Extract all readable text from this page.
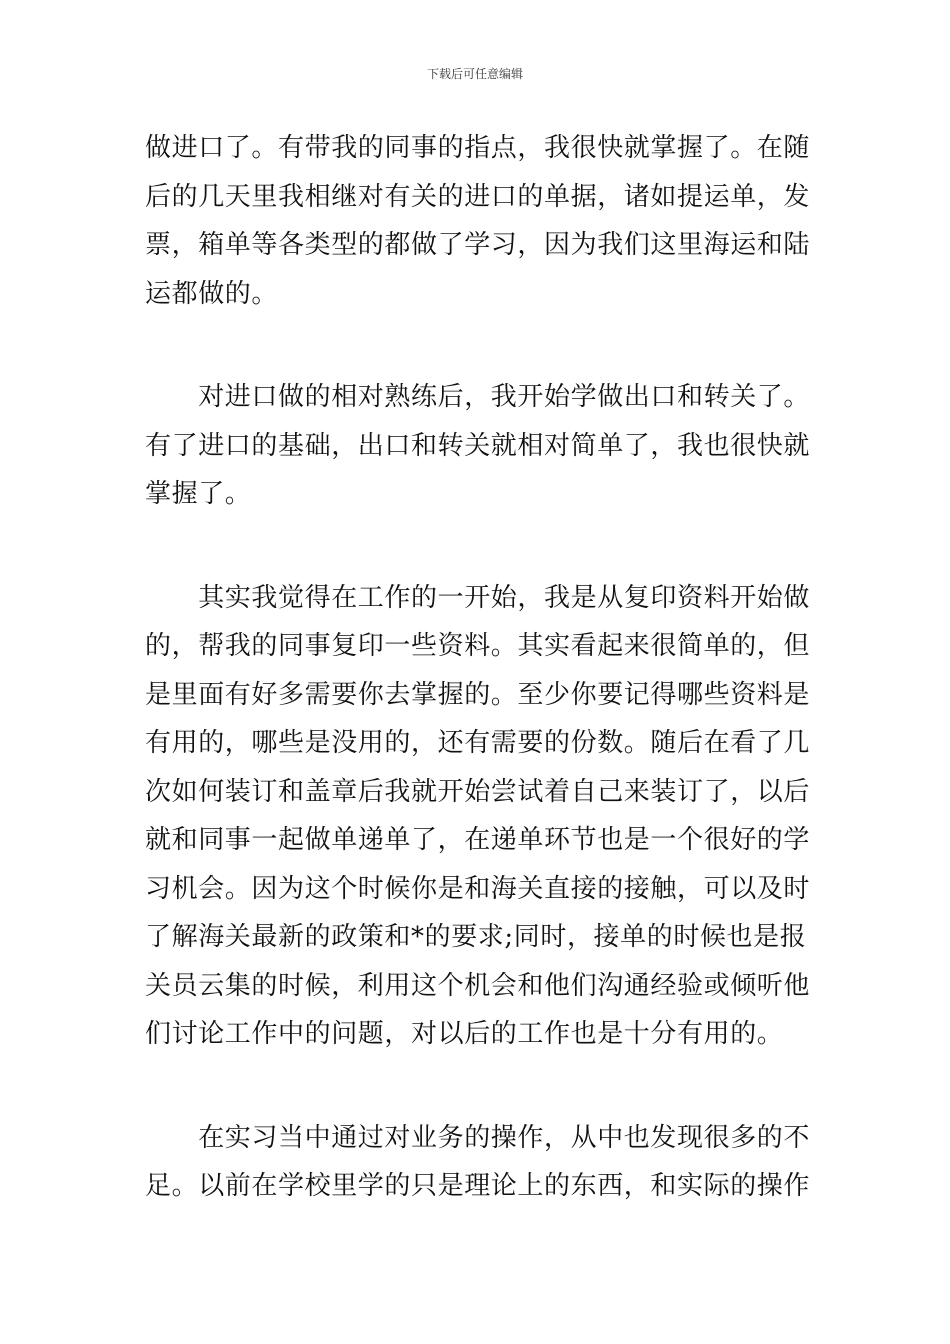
下载后可任意编辑
做进口了。有带我的同事的指点，我很快就掌握了。在随
后的几天里我相继对有关的进口的单据，诸如提运单，发
票，箱单等各类型的都做了学习，因为我们这里海运和陆
运都做的。
　　对进口做的相对熟练后，我开始学做出口和转关了。
有了进口的基础，出口和转关就相对简单了，我也很快就
掌握了。
　　其实我觉得在工作的一开始，我是从复印资料开始做
的，帮我的同事复印一些资料。其实看起来很简单的，但
是里面有好多需要你去掌握的。至少你要记得哪些资料是
有用的，哪些是没用的，还有需要的份数。随后在看了几
次如何装订和盖章后我就开始尝试着自己来装订了，以后
就和同事一起做单递单了，在递单环节也是一个很好的学
习机会。因为这个时候你是和海关直接的接触，可以及时
了解海关最新的政策和*的要求;同时，接单的时候也是报
关员云集的时候，利用这个机会和他们沟通经验或倾听他
们讨论工作中的问题，对以后的工作也是十分有用的。
　　在实习当中通过对业务的操作，从中也发现很多的不
足。以前在学校里学的只是理论上的东西，和实际的操作
